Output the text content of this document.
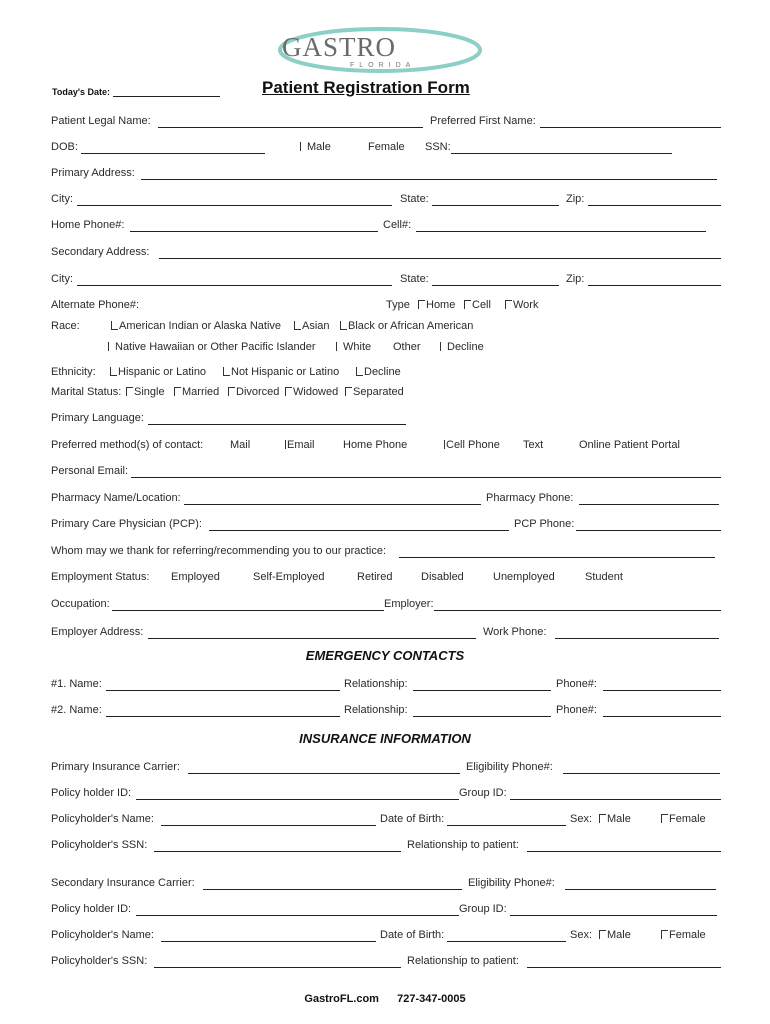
GASTRO
FLORIDA
Today's Date:	Patient Registration Form
Patient Legal Name:	Preferred First Name:
DOB:	Male	Female SSN:
Primary Address:
City:	State:	Zip:
Home Phone#:	Cell#:
Secondary Address:
City:	State:	Zip:
Alternate Phone#:	Type	Home	Cell	Work
Race:	American Indian or Alaska Native	Asian	Black or African American
Native Hawaiian or Other Pacific Islander	White Other	Decline
Ethnicity:	Hispanic or Latino	Not Hispanic or Latino	Decline
Marital Status:	Single	Married	Divorced	Widowed	Separated
Primary Language:
Preferred method(s) of contact: Mail	Email	Home Phone	Cell Phone Text	Online Patient Portal
Personal Email:
Pharmacy Name/Location:	Pharmacy Phone:
Primary Care Physician (PCP):	PCP Phone:
Whom may we thank for referring/recommending you to our practice:
Employment Status: Employed	Self-Employed	Retired	Disabled	Unemployed	Student
Occupation:	Employer:
Employer Address:	Work Phone:
EMERGENCY CONTACTS
#1. Name:	Relationship:	Phone#:
#2. Name:	Relationship:	Phone#:
INSURANCE INFORMATION
Primary Insurance Carrier:	Eligibility Phone#:
Policy holder ID:	Group ID:
Policyholder's Name:	Date of Birth:	Sex:	Male	Female
Policyholder's SSN:	Relationship to patient:
Secondary Insurance Carrier:	Eligibility Phone#:
Policy holder ID:	Group ID:
Policyholder's Name:	Date of Birth:	Sex:	Male	Female
Policyholder's SSN:	Relationship to patient:
GastroFL.com 727-347-0005
